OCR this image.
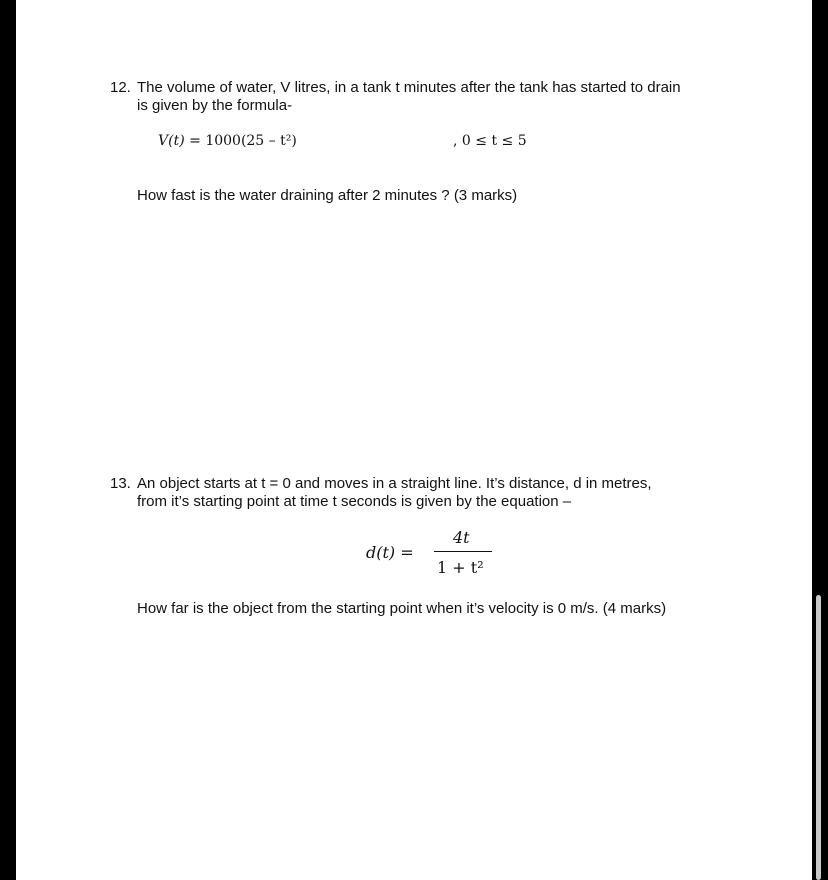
12. The volume of water, V litres, in a tank t minutes after the tank has started to drain
is given by the formula-
V(t) = 1000(25 – t²)	, 0 ≤ t ≤ 5
How fast is the water draining after 2 minutes ? (3 marks)
13. An object starts at t = 0 and moves in a straight line. It’s distance, d in metres,
from it’s starting point at time t seconds is given by the equation –
d(t) =
4t
1 + t²
How far is the object from the starting point when it’s velocity is 0 m/s. (4 marks)
